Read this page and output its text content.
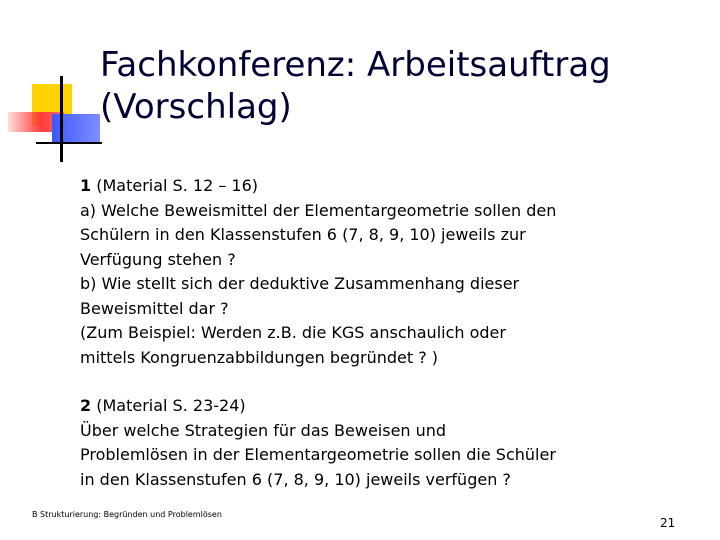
Fachkonferenz: Arbeitsauftrag
(Vorschlag)

1 (Material S. 12 – 16)

a) Welche Beweismittel der Elementargeometrie sollen den

Schülern in den Klassenstufen 6 (7, 8, 9, 10) jeweils zur

Verfügung stehen ?

b) Wie stellt sich der deduktive Zusammenhang dieser

Beweismittel dar ?

(Zum Beispiel: Werden z.B. die KGS anschaulich oder

mittels Kongruenzabbildungen begründet ? )

2 (Material S. 23-24)

Über welche Strategien für das Beweisen und

Problemlösen in der Elementargeometrie sollen die Schüler

in den Klassenstufen 6 (7, 8, 9, 10) jeweils verfügen ?

B Strukturierung: Begründen und Problemlösen
21
